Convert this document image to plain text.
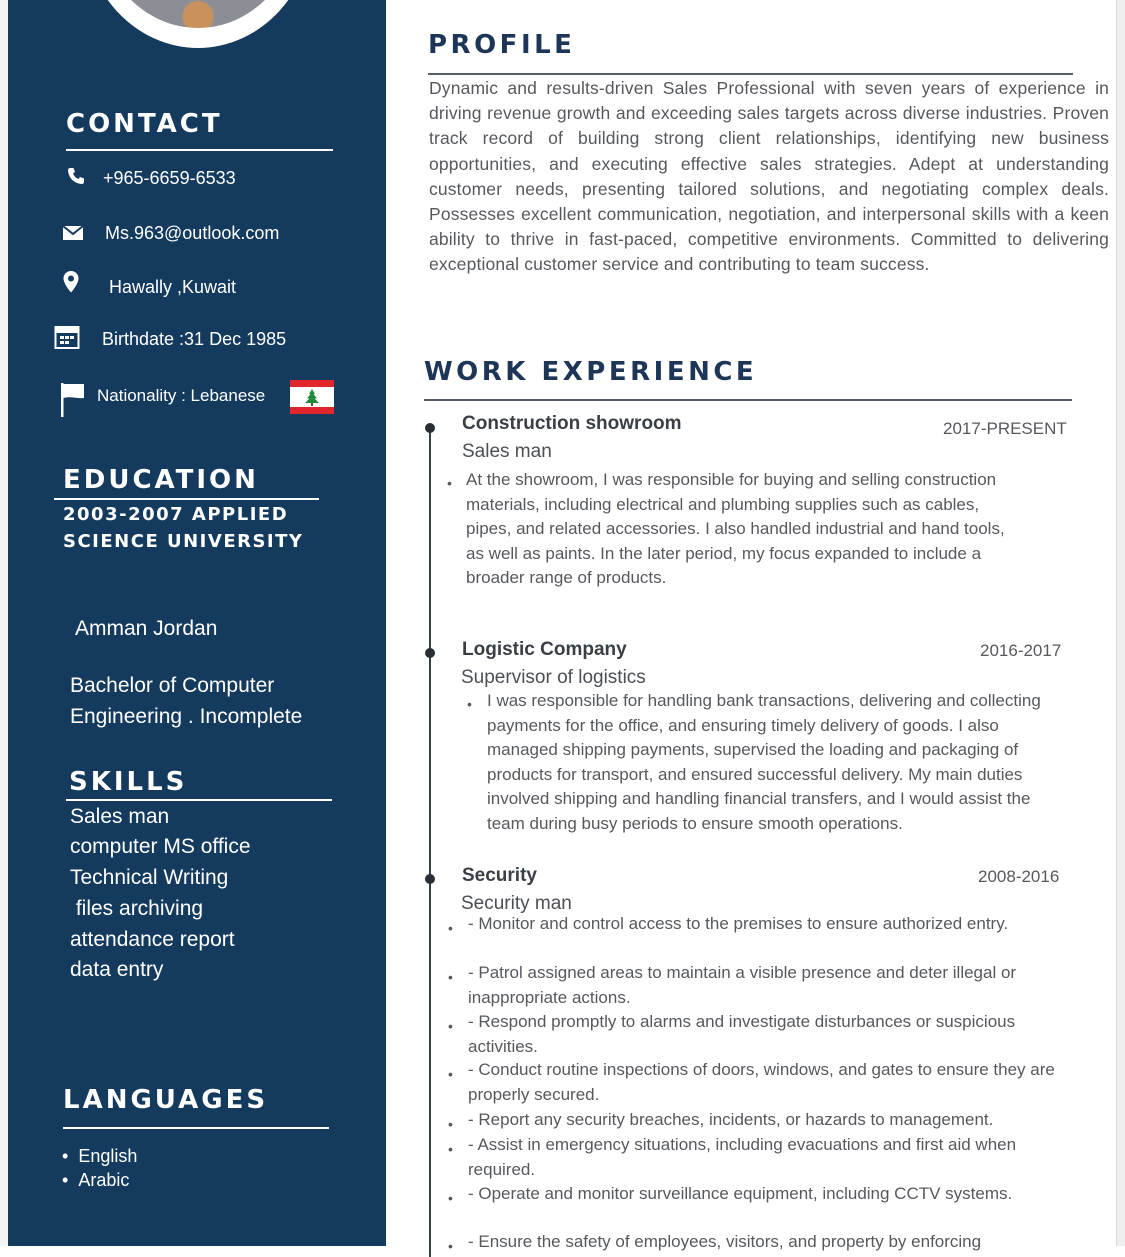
CONTACT
+965-6659-6533
Ms.963@outlook.com
Hawally ,Kuwait
Birthdate :31 Dec 1985
Nationality : Lebanese
EDUCATION
2003-2007 APPLIED
SCIENCE UNIVERSITY
Amman Jordan
Bachelor of Computer
Engineering . Incomplete
SKILLS
Sales man
computer MS office
Technical Writing
files archiving
attendance report
data entry
LANGUAGES
•  English
•  Arabic
PROFILE
Dynamic and results-driven Sales Professional with seven years of experience in driving revenue growth and exceeding sales targets across diverse industries. Proven track record of building strong client relationships, identifying new business opportunities, and executing effective sales strategies. Adept at understanding customer needs, presenting tailored solutions, and negotiating complex deals. Possesses excellent communication, negotiation, and interpersonal skills with a keen ability to thrive in fast-paced, competitive environments. Committed to delivering exceptional customer service and contributing to team success.
WORK EXPERIENCE
Construction showroom	2017-PRESENT
Sales man
• At the showroom, I was responsible for buying and selling construction materials, including electrical and plumbing supplies such as cables, pipes, and related accessories. I also handled industrial and hand tools, as well as paints. In the later period, my focus expanded to include a broader range of products.
Logistic Company	2016-2017
Supervisor of logistics
• I was responsible for handling bank transactions, delivering and collecting payments for the office, and ensuring timely delivery of goods. I also managed shipping payments, supervised the loading and packaging of products for transport, and ensured successful delivery. My main duties involved shipping and handling financial transfers, and I would assist the team during busy periods to ensure smooth operations.
Security	2008-2016
Security man
• - Monitor and control access to the premises to ensure authorized entry.
• - Patrol assigned areas to maintain a visible presence and deter illegal or inappropriate actions.
• - Respond promptly to alarms and investigate disturbances or suspicious activities.
• - Conduct routine inspections of doors, windows, and gates to ensure they are properly secured.
• - Report any security breaches, incidents, or hazards to management.
• - Assist in emergency situations, including evacuations and first aid when required.
• - Operate and monitor surveillance equipment, including CCTV systems.
• - Ensure the safety of employees, visitors, and property by enforcing
